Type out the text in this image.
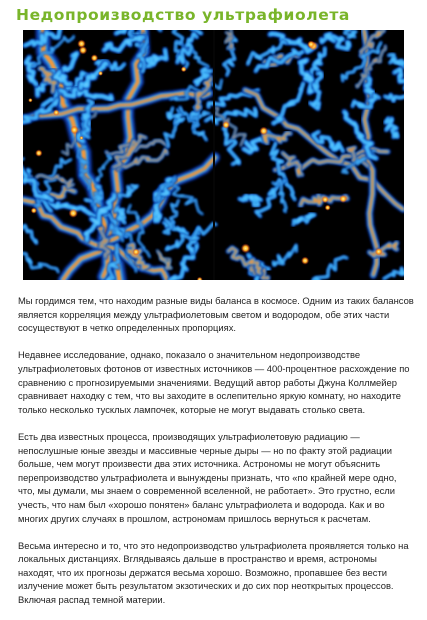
Недопроизводство ультрафиолета

Мы гордимся тем, что находим разные виды баланса в космосе. Одним из таких балансов является корреляция между ультрафиолетовым светом и водородом, обе этих части сосуществуют в четко определенных пропорциях.

Недавнее исследование, однако, показало о значительном недопроизводстве ультрафиолетовых фотонов от известных источников — 400-процентное расхождение по сравнению с прогнозируемыми значениями. Ведущий автор работы Джуна Коллмейер сравнивает находку с тем, что вы заходите в ослепительно яркую комнату, но находите только несколько тусклых лампочек, которые не могут выдавать столько света.

Есть два известных процесса, производящих ультрафиолетовую радиацию — непослушные юные звезды и массивные черные дыры — но по факту этой радиации больше, чем могут произвести два этих источника. Астрономы не могут объяснить перепроизводство ультрафиолета и вынуждены признать, что «по крайней мере одно, что, мы думали, мы знаем о современной вселенной, не работает». Это грустно, если учесть, что нам был «хорошо понятен» баланс ультрафиолета и водорода. Как и во многих других случаях в прошлом, астрономам пришлось вернуться к расчетам.

Весьма интересно и то, что это недопроизводство ультрафиолета проявляется только на локальных дистанциях. Вглядываясь дальше в пространство и время, астрономы находят, что их прогнозы держатся весьма хорошо. Возможно, пропавшее без вести излучение может быть результатом экзотических и до сих пор неоткрытых процессов. Включая распад темной материи.
